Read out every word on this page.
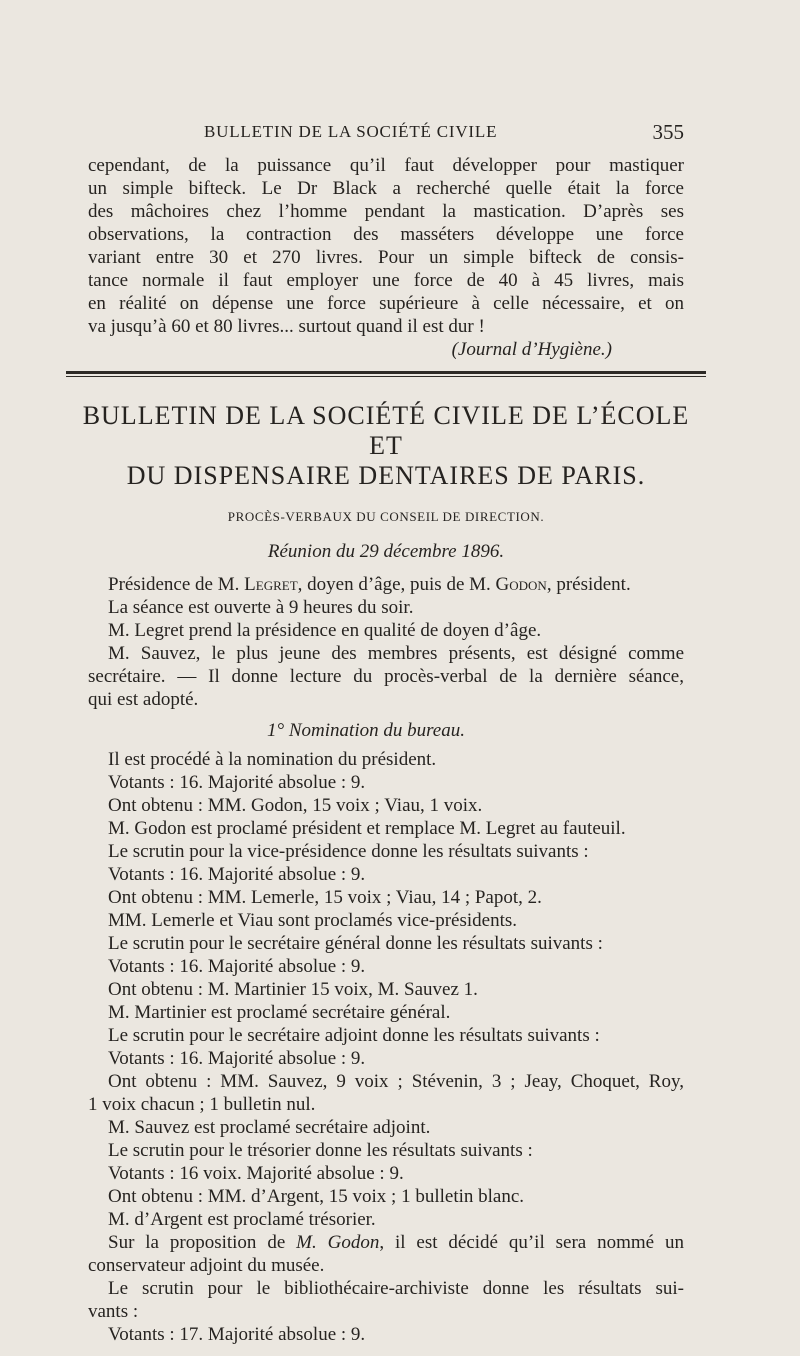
BULLETIN DE LA SOCIÉTÉ CIVILE	355

cependant, de la puissance qu’il faut développer pour mastiquer

un simple bifteck. Le Dr Black a recherché quelle était la force

des mâchoires chez l’homme pendant la mastication. D’après ses

observations, la contraction des masséters développe une force

variant entre 30 et 270 livres. Pour un simple bifteck de consis-

tance normale il faut employer une force de 40 à 45 livres, mais

en réalité on dépense une force supérieure à celle nécessaire, et on

va jusqu’à 60 et 80 livres... surtout quand il est dur !

(Journal d’Hygiène.)

BULLETIN DE LA SOCIÉTÉ CIVILE DE L’ÉCOLE ET
DU DISPENSAIRE DENTAIRES DE PARIS.

PROCÈS-VERBAUX DU CONSEIL DE DIRECTION.

Réunion du 29 décembre 1896.

Présidence de M. Legret, doyen d’âge, puis de M. Godon, président.

La séance est ouverte à 9 heures du soir.

M. Legret prend la présidence en qualité de doyen d’âge.

M. Sauvez, le plus jeune des membres présents, est désigné comme

secrétaire. — Il donne lecture du procès-verbal de la dernière séance,

qui est adopté.

1° Nomination du bureau.

Il est procédé à la nomination du président.

Votants : 16. Majorité absolue : 9.

Ont obtenu : MM. Godon, 15 voix ; Viau, 1 voix.

M. Godon est proclamé président et remplace M. Legret au fauteuil.

Le scrutin pour la vice-présidence donne les résultats suivants :

Votants : 16. Majorité absolue : 9.

Ont obtenu : MM. Lemerle, 15 voix ; Viau, 14 ; Papot, 2.

MM. Lemerle et Viau sont proclamés vice-présidents.

Le scrutin pour le secrétaire général donne les résultats suivants :

Votants : 16. Majorité absolue : 9.

Ont obtenu : M. Martinier 15 voix, M. Sauvez 1.

M. Martinier est proclamé secrétaire général.

Le scrutin pour le secrétaire adjoint donne les résultats suivants :

Votants : 16. Majorité absolue : 9.

Ont obtenu : MM. Sauvez, 9 voix ; Stévenin, 3 ; Jeay, Choquet, Roy,

1 voix chacun ; 1 bulletin nul.

M. Sauvez est proclamé secrétaire adjoint.

Le scrutin pour le trésorier donne les résultats suivants :

Votants : 16 voix. Majorité absolue : 9.

Ont obtenu : MM. d’Argent, 15 voix ; 1 bulletin blanc.

M. d’Argent est proclamé trésorier.

Sur la proposition de M. Godon, il est décidé qu’il sera nommé un

conservateur adjoint du musée.

Le scrutin pour le bibliothécaire-archiviste donne les résultats sui-

vants :

Votants : 17. Majorité absolue : 9.
